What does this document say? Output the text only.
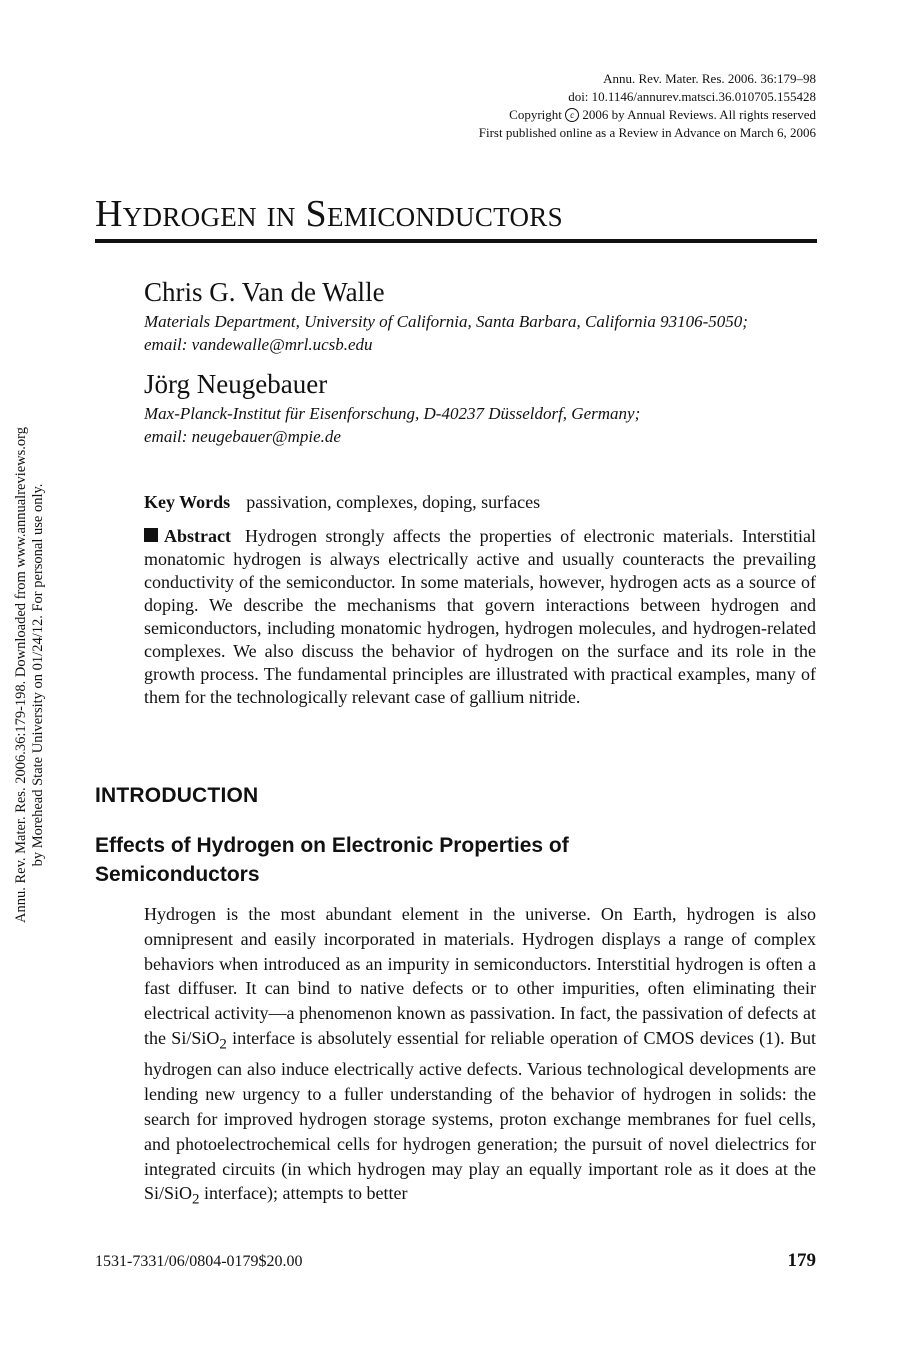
Annu. Rev. Mater. Res. 2006. 36:179–98
doi: 10.1146/annurev.matsci.36.010705.155428
Copyright c 2006 by Annual Reviews. All rights reserved
First published online as a Review in Advance on March 6, 2006
Hydrogen in Semiconductors
Chris G. Van de Walle
Materials Department, University of California, Santa Barbara, California 93106-5050;
email: vandewalle@mrl.ucsb.edu
Jörg Neugebauer
Max-Planck-Institut für Eisenforschung, D-40237 Düsseldorf, Germany;
email: neugebauer@mpie.de
Key Words passivation, complexes, doping, surfaces
Abstract Hydrogen strongly affects the properties of electronic materials. Interstitial monatomic hydrogen is always electrically active and usually counteracts the prevailing conductivity of the semiconductor. In some materials, however, hydrogen acts as a source of doping. We describe the mechanisms that govern interactions between hydrogen and semiconductors, including monatomic hydrogen, hydrogen molecules, and hydrogen-related complexes. We also discuss the behavior of hydrogen on the surface and its role in the growth process. The fundamental principles are illustrated with practical examples, many of them for the technologically relevant case of gallium nitride.
INTRODUCTION
Effects of Hydrogen on Electronic Properties of Semiconductors
Hydrogen is the most abundant element in the universe. On Earth, hydrogen is also omnipresent and easily incorporated in materials. Hydrogen displays a range of complex behaviors when introduced as an impurity in semiconductors. Interstitial hydrogen is often a fast diffuser. It can bind to native defects or to other impurities, often eliminating their electrical activity—a phenomenon known as passivation. In fact, the passivation of defects at the Si/SiO$_2$ interface is absolutely essential for reliable operation of CMOS devices (1). But hydrogen can also induce electrically active defects. Various technological developments are lending new urgency to a fuller understanding of the behavior of hydrogen in solids: the search for improved hydrogen storage systems, proton exchange membranes for fuel cells, and photoelectrochemical cells for hydrogen generation; the pursuit of novel dielectrics for integrated circuits (in which hydrogen may play an equally important role as it does at the Si/SiO$_2$ interface); attempts to better
1531-7331/06/0804-0179$20.00	179
Annu. Rev. Mater. Res. 2006.36:179-198. Downloaded from www.annualreviews.org by Morehead State University on 01/24/12. For personal use only.
